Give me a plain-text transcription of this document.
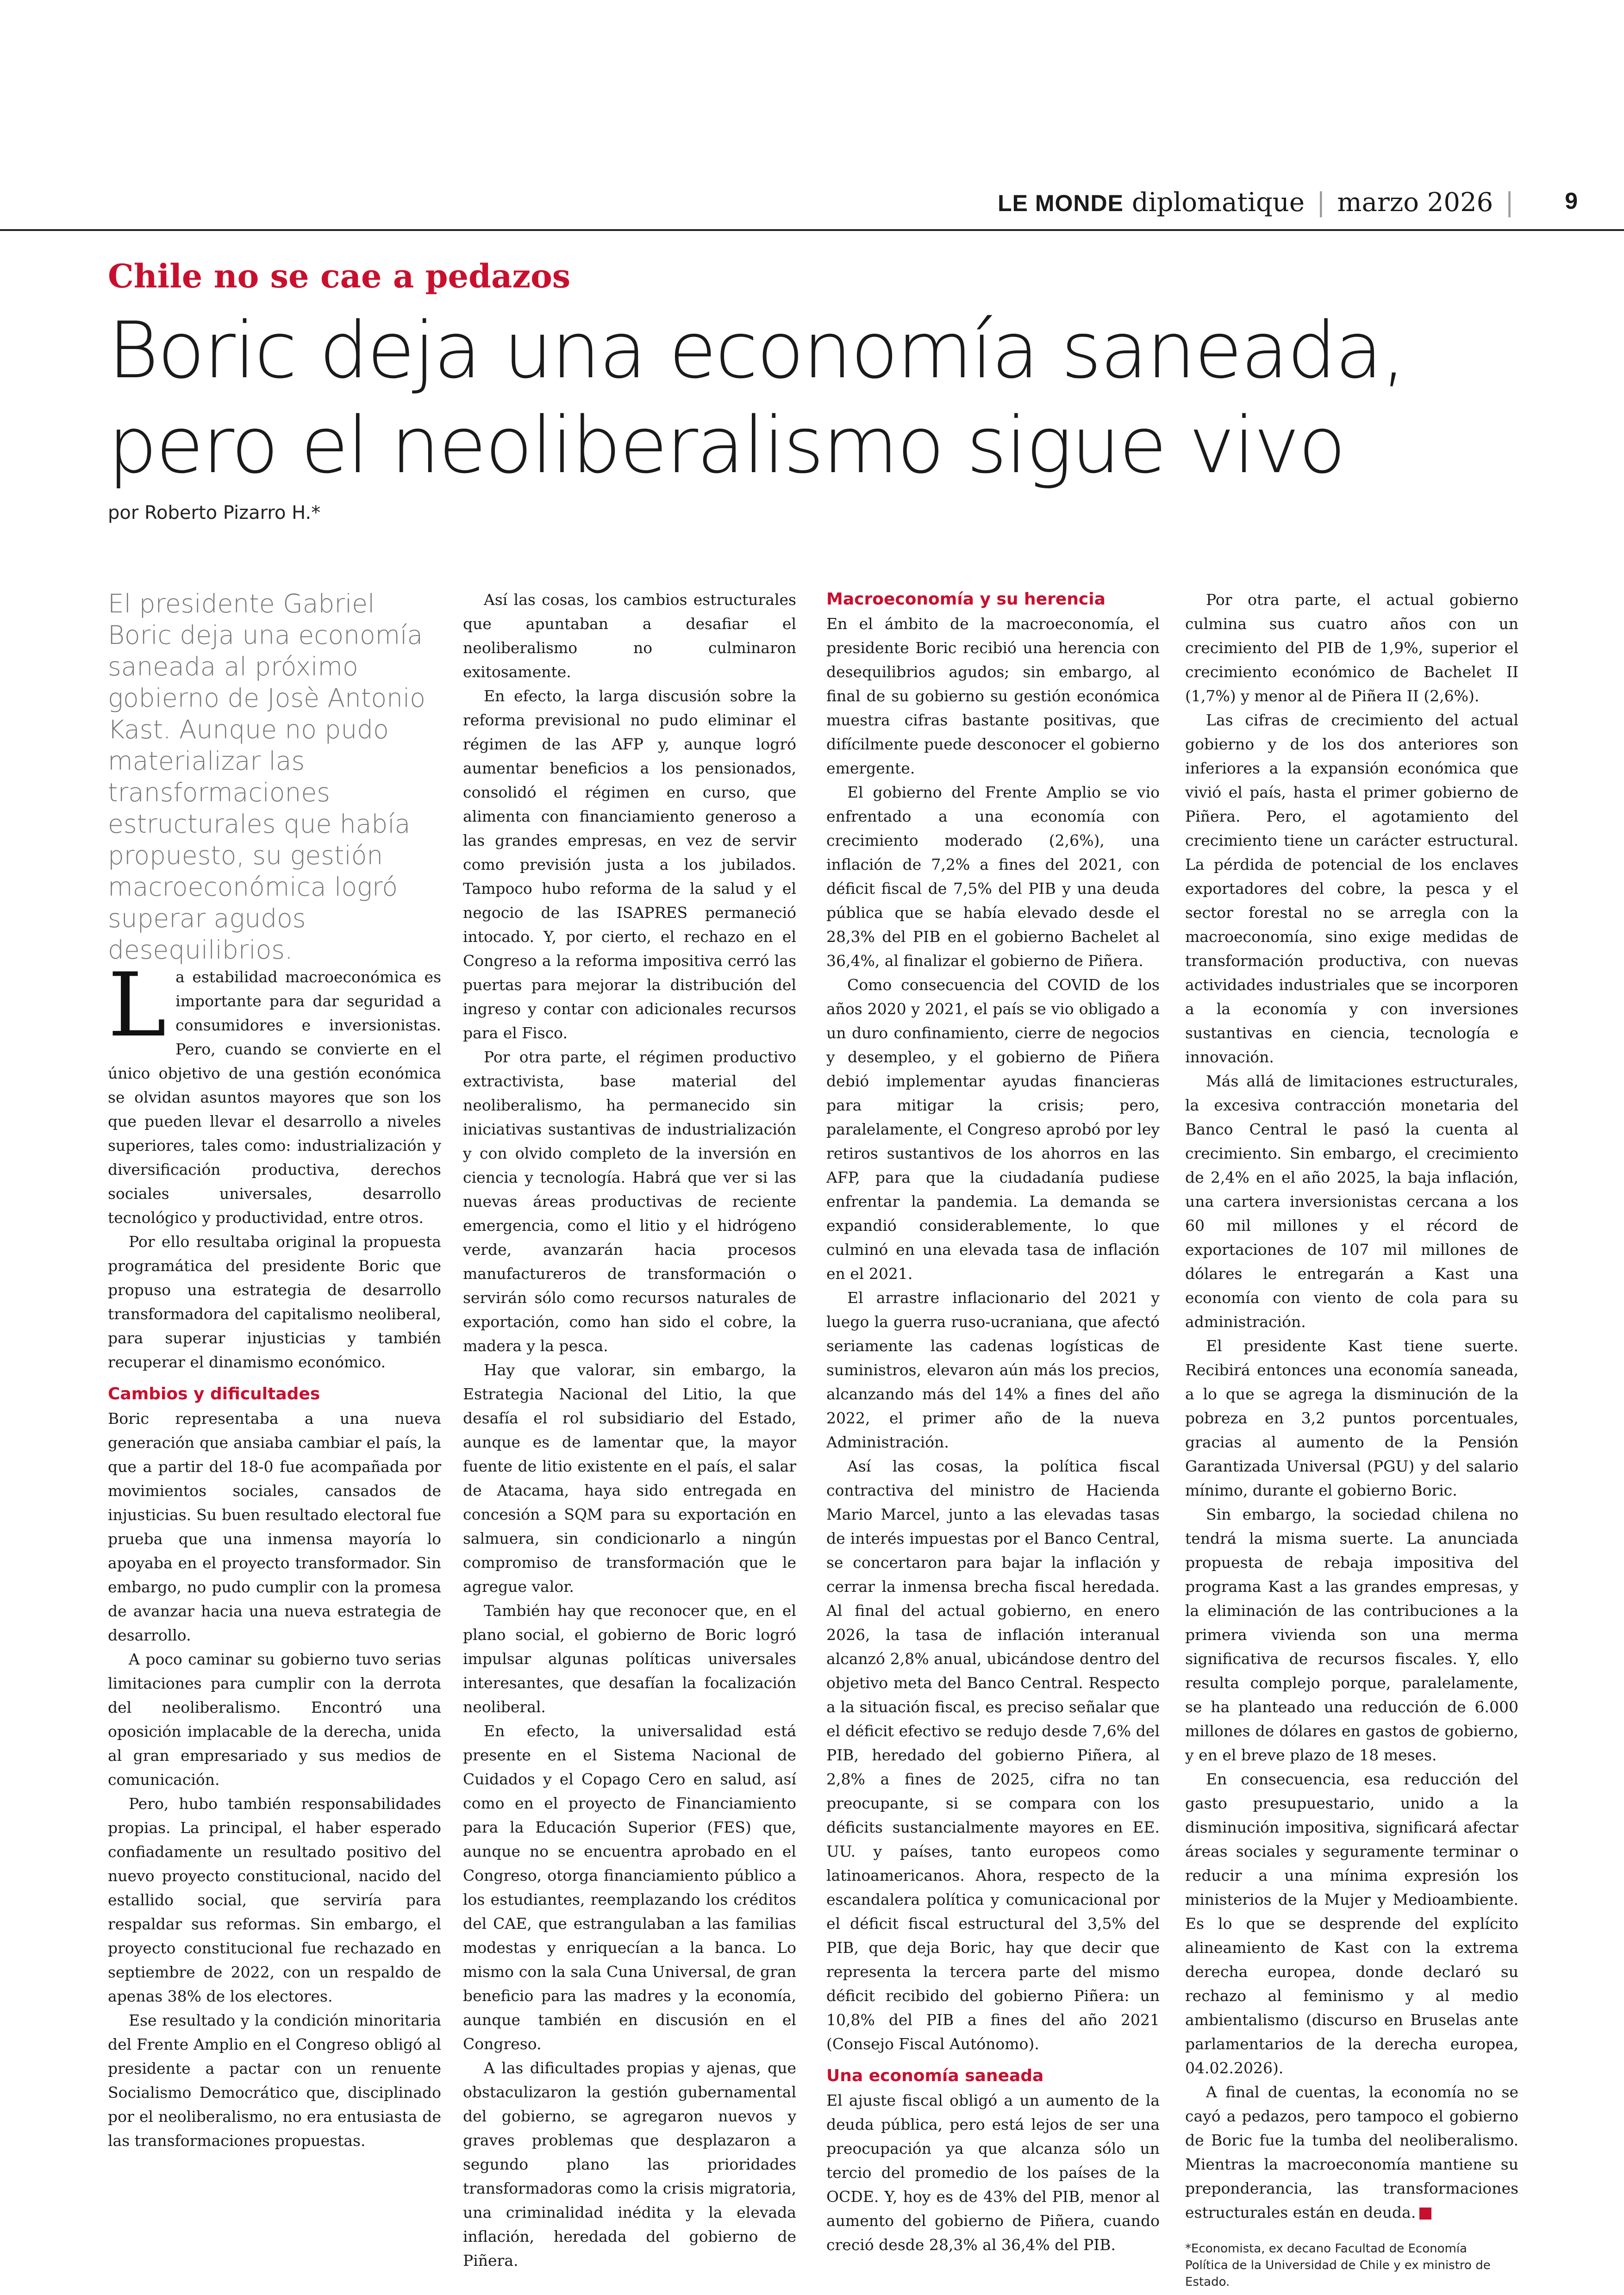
LE MONDE diplomatique | marzo 2026 | 9
Chile no se cae a pedazos
Boric deja una economía saneada, pero el neoliberalismo sigue vivo
por Roberto Pizarro H.*
El presidente Gabriel Boric deja una economía saneada al próximo gobierno de Josè Antonio Kast. Aunque no pudo materializar las transformaciones estructurales que había propuesto, su gestión macroeconómica logró superar agudos desequilibrios.

La estabilidad macroeconómica es importante para dar seguridad a consumidores e inversionistas. Pero, cuando se convierte en el único objetivo de una gestión económica se olvidan asuntos mayores que son los que pueden llevar el desarrollo a niveles superiores, tales como: industrialización y diversificación productiva, derechos sociales universales, desarrollo tecnológico y productividad, entre otros.

Por ello resultaba original la propuesta programática del presidente Boric que propuso una estrategia de desarrollo transformadora del capitalismo neoliberal, para superar injusticias y también recuperar el dinamismo económico.

Cambios y dificultades

Boric representaba a una nueva generación que ansiaba cambiar el país, la que a partir del 18-0 fue acompañada por movimientos sociales, cansados de injusticias. Su buen resultado electoral fue prueba que una inmensa mayoría lo apoyaba en el proyecto transformador. Sin embargo, no pudo cumplir con la promesa de avanzar hacia una nueva estrategia de desarrollo.

A poco caminar su gobierno tuvo serias limitaciones para cumplir con la derrota del neoliberalismo. Encontró una oposición implacable de la derecha, unida al gran empresariado y sus medios de comunicación.

Pero, hubo también responsabilidades propias. La principal, el haber esperado confiadamente un resultado positivo del nuevo proyecto constitucional, nacido del estallido social, que serviría para respaldar sus reformas. Sin embargo, el proyecto constitucional fue rechazado en septiembre de 2022, con un respaldo de apenas 38% de los electores.

Ese resultado y la condición minoritaria del Frente Amplio en el Congreso obligó al presidente a pactar con un renuente Socialismo Democrático que, disciplinado por el neoliberalismo, no era entusiasta de las transformaciones propuestas.

Así las cosas, los cambios estructurales que apuntaban a desafiar el neoliberalismo no culminaron exitosamente.

En efecto, la larga discusión sobre la reforma previsional no pudo eliminar el régimen de las AFP y, aunque logró aumentar beneficios a los pensionados, consolidó el régimen en curso, que alimenta con financiamiento generoso a las grandes empresas, en vez de servir como previsión justa a los jubilados. Tampoco hubo reforma de la salud y el negocio de las ISAPRES permaneció intocado. Y, por cierto, el rechazo en el Congreso a la reforma impositiva cerró las puertas para mejorar la distribución del ingreso y contar con adicionales recursos para el Fisco.

Por otra parte, el régimen productivo extractivista, base material del neoliberalismo, ha permanecido sin iniciativas sustantivas de industrialización y con olvido completo de la inversión en ciencia y tecnología. Habrá que ver si las nuevas áreas productivas de reciente emergencia, como el litio y el hidrógeno verde, avanzarán hacia procesos manufactureros de transformación o servirán sólo como recursos naturales de exportación, como han sido el cobre, la madera y la pesca.

Hay que valorar, sin embargo, la Estrategia Nacional del Litio, la que desafía el rol subsidiario del Estado, aunque es de lamentar que, la mayor fuente de litio existente en el país, el salar de Atacama, haya sido entregada en concesión a SQM para su exportación en salmuera, sin condicionarlo a ningún compromiso de transformación que le agregue valor.

También hay que reconocer que, en el plano social, el gobierno de Boric logró impulsar algunas políticas universales interesantes, que desafían la focalización neoliberal.

En efecto, la universalidad está presente en el Sistema Nacional de Cuidados y el Copago Cero en salud, así como en el proyecto de Financiamiento para la Educación Superior (FES) que, aunque no se encuentra aprobado en el Congreso, otorga financiamiento público a los estudiantes, reemplazando los créditos del CAE, que estrangulaban a las familias modestas y enriquecían a la banca. Lo mismo con la sala Cuna Universal, de gran beneficio para las madres y la economía, aunque también en discusión en el Congreso.

A las dificultades propias y ajenas, que obstaculizaron la gestión gubernamental del gobierno, se agregaron nuevos y graves problemas que desplazaron a segundo plano las prioridades transformadoras como la crisis migratoria, una criminalidad inédita y la elevada inflación, heredada del gobierno de Piñera.

Macroeconomía y su herencia

En el ámbito de la macroeconomía, el presidente Boric recibió una herencia con desequilibrios agudos; sin embargo, al final de su gobierno su gestión económica muestra cifras bastante positivas, que difícilmente puede desconocer el gobierno emergente.

El gobierno del Frente Amplio se vio enfrentado a una economía con crecimiento moderado (2,6%), una inflación de 7,2% a fines del 2021, con déficit fiscal de 7,5% del PIB y una deuda pública que se había elevado desde el 28,3% del PIB en el gobierno Bachelet al 36,4%, al finalizar el gobierno de Piñera.

Como consecuencia del COVID de los años 2020 y 2021, el país se vio obligado a un duro confinamiento, cierre de negocios y desempleo, y el gobierno de Piñera debió implementar ayudas financieras para mitigar la crisis; pero, paralelamente, el Congreso aprobó por ley retiros sustantivos de los ahorros en las AFP, para que la ciudadanía pudiese enfrentar la pandemia. La demanda se expandió considerablemente, lo que culminó en una elevada tasa de inflación en el 2021.

El arrastre inflacionario del 2021 y luego la guerra ruso-ucraniana, que afectó seriamente las cadenas logísticas de suministros, elevaron aún más los precios, alcanzando más del 14% a fines del año 2022, el primer año de la nueva Administración.

Así las cosas, la política fiscal contractiva del ministro de Hacienda Mario Marcel, junto a las elevadas tasas de interés impuestas por el Banco Central, se concertaron para bajar la inflación y cerrar la inmensa brecha fiscal heredada. Al final del actual gobierno, en enero 2026, la tasa de inflación interanual alcanzó 2,8% anual, ubicándose dentro del objetivo meta del Banco Central. Respecto a la situación fiscal, es preciso señalar que el déficit efectivo se redujo desde 7,6% del PIB, heredado del gobierno Piñera, al 2,8% a fines de 2025, cifra no tan preocupante, si se compara con los déficits sustancialmente mayores en EE. UU. y países, tanto europeos como latinoamericanos. Ahora, respecto de la escandalera política y comunicacional por el déficit fiscal estructural del 3,5% del PIB, que deja Boric, hay que decir que representa la tercera parte del mismo déficit recibido del gobierno Piñera: un 10,8% del PIB a fines del año 2021 (Consejo Fiscal Autónomo).

Una economía saneada

El ajuste fiscal obligó a un aumento de la deuda pública, pero está lejos de ser una preocupación ya que alcanza sólo un tercio del promedio de los países de la OCDE. Y, hoy es de 43% del PIB, menor al aumento del gobierno de Piñera, cuando creció desde 28,3% al 36,4% del PIB.

Por otra parte, el actual gobierno culmina sus cuatro años con un crecimiento del PIB de 1,9%, superior el crecimiento económico de Bachelet II (1,7%) y menor al de Piñera II (2,6%).

Las cifras de crecimiento del actual gobierno y de los dos anteriores son inferiores a la expansión económica que vivió el país, hasta el primer gobierno de Piñera. Pero, el agotamiento del crecimiento tiene un carácter estructural. La pérdida de potencial de los enclaves exportadores del cobre, la pesca y el sector forestal no se arregla con la macroeconomía, sino exige medidas de transformación productiva, con nuevas actividades industriales que se incorporen a la economía y con inversiones sustantivas en ciencia, tecnología e innovación.

Más allá de limitaciones estructurales, la excesiva contracción monetaria del Banco Central le pasó la cuenta al crecimiento. Sin embargo, el crecimiento de 2,4% en el año 2025, la baja inflación, una cartera inversionistas cercana a los 60 mil millones y el récord de exportaciones de 107 mil millones de dólares le entregarán a Kast una economía con viento de cola para su administración.

El presidente Kast tiene suerte. Recibirá entonces una economía saneada, a lo que se agrega la disminución de la pobreza en 3,2 puntos porcentuales, gracias al aumento de la Pensión Garantizada Universal (PGU) y del salario mínimo, durante el gobierno Boric.

Sin embargo, la sociedad chilena no tendrá la misma suerte. La anunciada propuesta de rebaja impositiva del programa Kast a las grandes empresas, y la eliminación de las contribuciones a la primera vivienda son una merma significativa de recursos fiscales. Y, ello resulta complejo porque, paralelamente, se ha planteado una reducción de 6.000 millones de dólares en gastos de gobierno, y en el breve plazo de 18 meses.

En consecuencia, esa reducción del gasto presupuestario, unido a la disminución impositiva, significará afectar áreas sociales y seguramente terminar o reducir a una mínima expresión los ministerios de la Mujer y Medioambiente. Es lo que se desprende del explícito alineamiento de Kast con la extrema derecha europea, donde declaró su rechazo al feminismo y al medio ambientalismo (discurso en Bruselas ante parlamentarios de la derecha europea, 04.02.2026).

A final de cuentas, la economía no se cayó a pedazos, pero tampoco el gobierno de Boric fue la tumba del neoliberalismo. Mientras la macroeconomía mantiene su preponderancia, las transformaciones estructurales están en deuda.

*Economista, ex decano Facultad de Economía
Política de la Universidad de Chile y ex ministro de
Estado.
